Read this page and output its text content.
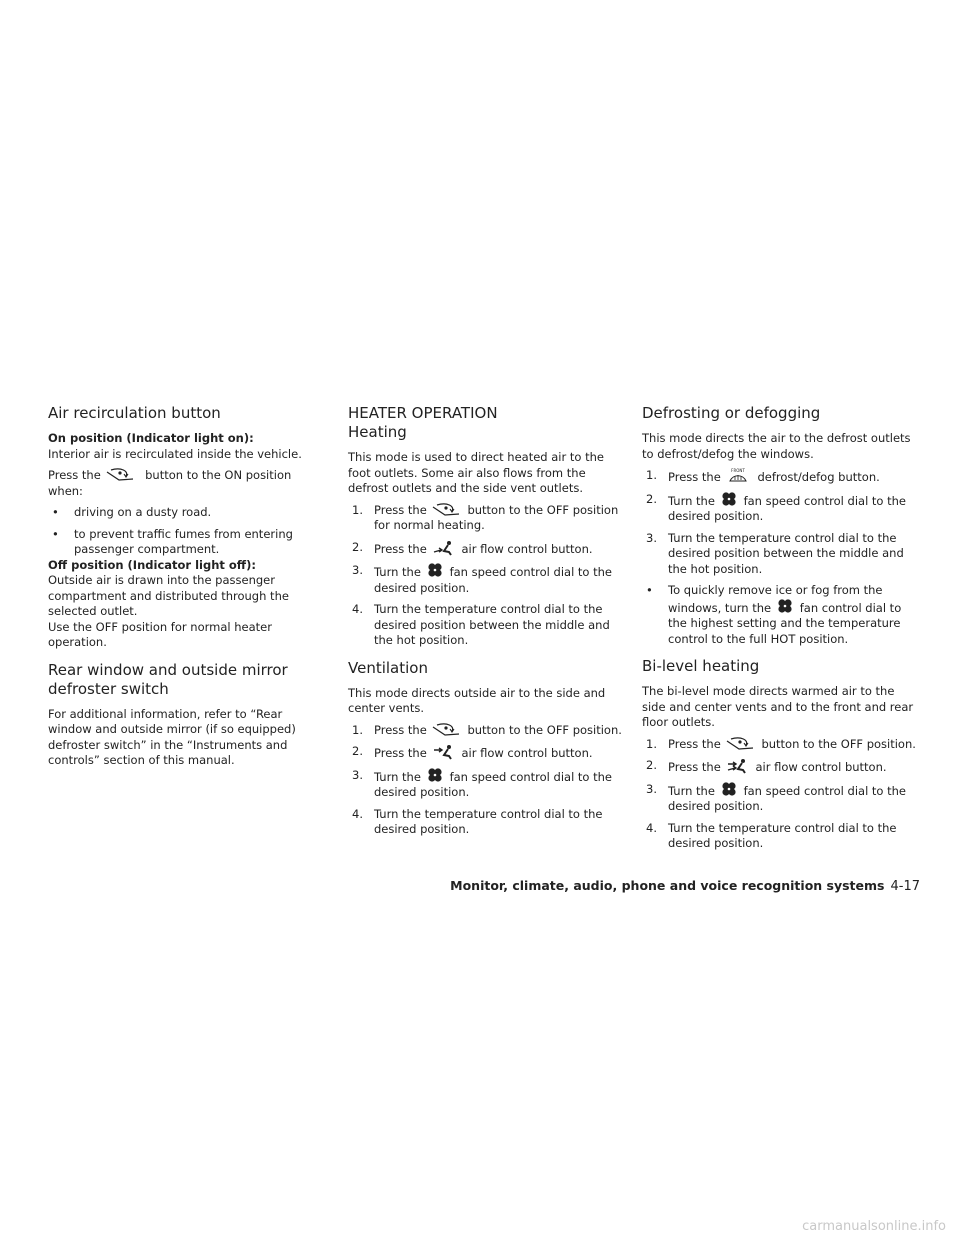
Air recirculation button

On position (Indicator light on):

Interior air is recirculated inside the vehicle.

Press the	button to the ON position when:

• driving on a dusty road.
• to prevent traffic fumes from entering passenger compartment.

Off position (Indicator light off):

Outside air is drawn into the passenger compartment and distributed through the selected outlet.

Use the OFF position for normal heater operation.

Rear window and outside mirror defroster switch

For additional information, refer to “Rear window and outside mirror (if so equipped) defroster switch” in the “Instruments and controls” section of this manual.

HEATER OPERATION
Heating

This mode is used to direct heated air to the foot outlets. Some air also flows from the defrost outlets and the side vent outlets.

1. Press the	button to the OFF position for normal heating.
2. Press the	air flow control button.
3. Turn the fan speed control dial to the desired position.
4. Turn the temperature control dial to the desired position between the middle and the hot position.
Ventilation

This mode directs outside air to the side and center vents.

1. Press the	button to the OFF position.
2. Press the	air flow control button.
3. Turn the fan speed control dial to the desired position.
4. Turn the temperature control dial to the desired position.
Defrosting or defogging

This mode directs the air to the defrost outlets to defrost/defog the windows.

1. Press the	FRONT defrost/defog button.
2. Turn the fan speed control dial to the desired position.
3. Turn the temperature control dial to the desired position between the middle and the hot position.
• To quickly remove ice or fog from the windows, turn the fan control dial to the highest setting and the temperature control to the full HOT position.
Bi-level heating

The bi-level mode directs warmed air to the side and center vents and to the front and rear floor outlets.

1. Press the	button to the OFF position.
2. Press the	air flow control button.
3. Turn the fan speed control dial to the desired position.
4. Turn the temperature control dial to the desired position.
Monitor, climate, audio, phone and voice recognition systems 4-17
carmanualsonline.info
